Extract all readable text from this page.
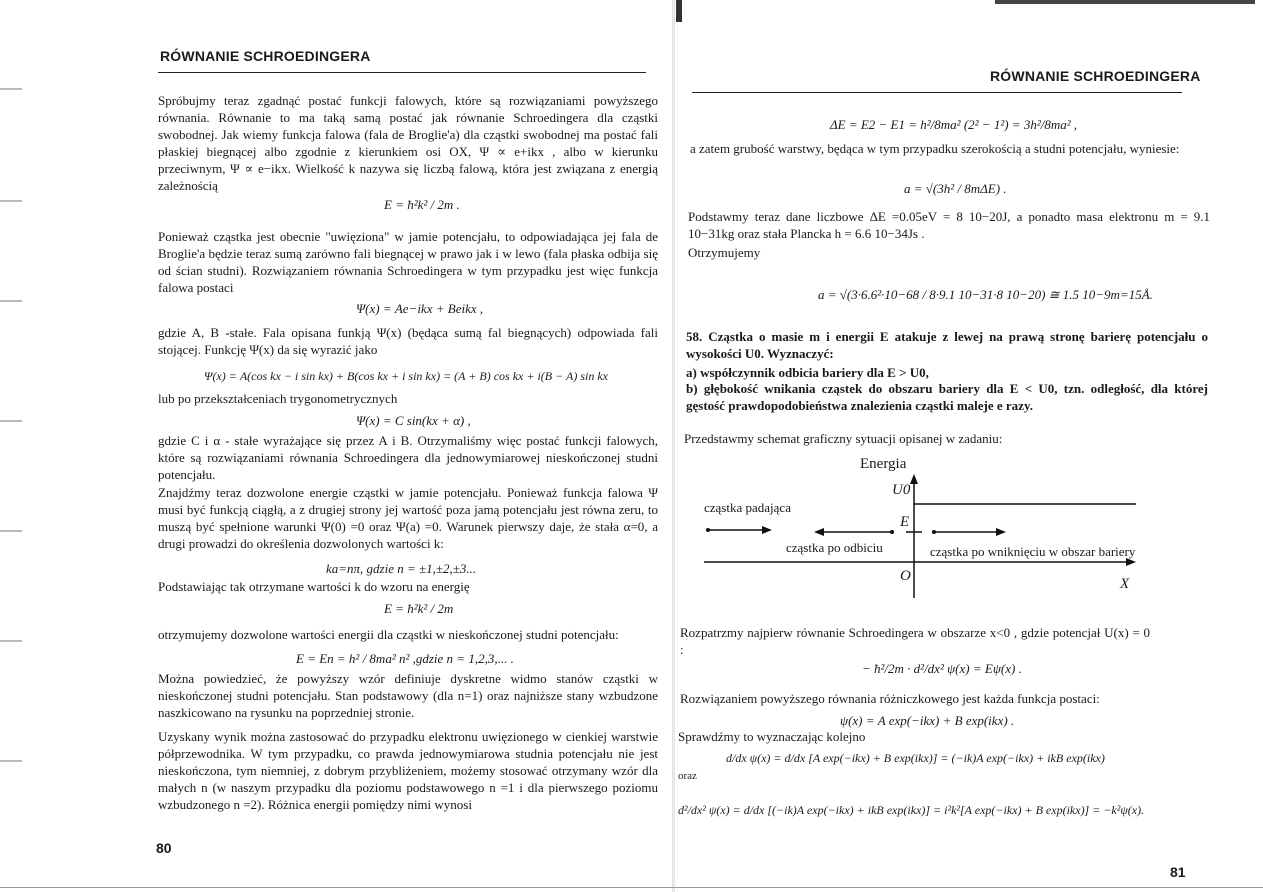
RÓWNANIE SCHROEDINGERA

Spróbujmy teraz zgadnąć postać funkcji falowych, które są rozwiązaniami powyższego równania. Równanie to ma taką samą postać jak równanie Schroedingera dla cząstki swobodnej. Jak wiemy funkcja falowa (fala de Broglie'a) dla cząstki swobodnej ma postać fali płaskiej biegnącej albo zgodnie z kierunkiem osi OX, Ψ ∝ e+ikx , albo w kierunku przeciwnym, Ψ ∝ e−ikx. Wielkość k nazywa się liczbą falową, która jest związana z energią zależnością

E = ħ²k² / 2m .

Ponieważ cząstka jest obecnie "uwięziona" w jamie potencjału, to odpowiadająca jej fala de Broglie'a będzie teraz sumą zarówno fali biegnącej w prawo jak i w lewo (fala płaska odbija się od ścian studni). Rozwiązaniem równania Schroedingera w tym przypadku jest więc funkcja falowa postaci

Ψ(x) = Ae−ikx + Beikx ,

gdzie A, B -stałe. Fala opisana funkją Ψ(x) (będąca sumą fal biegnących) odpowiada fali stojącej. Funkcję Ψ(x) da się wyrazić jako

Ψ(x) = A(cos kx − i sin kx) + B(cos kx + i sin kx) = (A + B) cos kx + i(B − A) sin kx

lub po przekształceniach trygonometrycznych

Ψ(x) = C sin(kx + α) ,

gdzie C i α - stałe wyrażające się przez A i B. Otrzymaliśmy więc postać funkcji falowych, które są rozwiązaniami równania Schroedingera dla jednowymiarowej nieskończonej studni potencjału.

Znajdźmy teraz dozwolone energie cząstki w jamie potencjału. Ponieważ funkcja falowa Ψ musi być funkcją ciągłą, a z drugiej strony jej wartość poza jamą potencjału jest równa zeru, to muszą być spełnione warunki Ψ(0) =0 oraz Ψ(a) =0. Warunek pierwszy daje, że stała α=0, a drugi prowadzi do określenia dozwolonych wartości k:

ka=nπ, gdzie n = ±1,±2,±3...

Podstawiając tak otrzymane wartości k do wzoru na energię

E = ħ²k² / 2m

otrzymujemy dozwolone wartości energii dla cząstki w nieskończonej studni potencjału:

E = En = h² / 8ma² n² ,gdzie n = 1,2,3,... .

Można powiedzieć, że powyższy wzór definiuje dyskretne widmo stanów cząstki w nieskończonej studni potencjału. Stan podstawowy (dla n=1) oraz najniższe stany wzbudzone naszkicowano na rysunku na poprzedniej stronie.

Uzyskany wynik można zastosować do przypadku elektronu uwięzionego w cienkiej warstwie półprzewodnika. W tym przypadku, co prawda jednowymiarowa studnia potencjału nie jest nieskończona, tym niemniej, z dobrym przybliżeniem, możemy stosować otrzymany wzór dla małych n (w naszym przypadku dla poziomu podstawowego n =1 i dla pierwszego poziomu wzbudzonego n =2). Różnica energii pomiędzy nimi wynosi

80
RÓWNANIE SCHROEDINGERA
ΔE = E2 − E1 = h²/8ma² (2² − 1²) = 3h²/8ma² ,

a zatem grubość warstwy, będąca w tym przypadku szerokością a studni potencjału, wyniesie:

a = √(3h² / 8mΔE) .

Podstawmy teraz dane liczbowe ΔE =0.05eV = 8 10−20J, a ponadto masa elektronu m = 9.1 10−31kg oraz stała Plancka h = 6.6 10−34Js .

Otrzymujemy

a = √(3·6.6²·10−68 / 8·9.1 10−31·8 10−20) ≅ 1.5 10−9m=15Å.

58. Cząstka o masie m i energii E atakuje z lewej na prawą stronę barierę potencjału o wysokości U0. Wyznaczyć:

a) współczynnik odbicia bariery dla E > U0,

b) głębokość wnikania cząstek do obszaru bariery dla E < U0, tzn. odległość, dla której gęstość prawdopodobieństwa znalezienia cząstki maleje e razy.

Przedstawmy schemat graficzny sytuacji opisanej w zadaniu:

Energia
U0
E
cząstka padająca
cząstka po odbiciu	cząstka po wniknięciu w obszar bariery
O	X

Rozpatrzmy najpierw równanie Schroedingera w obszarze x<0 , gdzie potencjał U(x) = 0 :

− ħ²/2m · d²/dx² ψ(x) = Eψ(x) .

Rozwiązaniem powyższego równania różniczkowego jest każda funkcja postaci:

ψ(x) = A exp(−ikx) + B exp(ikx) .

Sprawdźmy to wyznaczając kolejno

d/dx ψ(x) = d/dx [A exp(−ikx) + B exp(ikx)] = (−ik)A exp(−ikx) + ikB exp(ikx)

oraz

d²/dx² ψ(x) = d/dx [(−ik)A exp(−ikx) + ikB exp(ikx)] = i²k²[A exp(−ikx) + B exp(ikx)] = −k²ψ(x).
81
